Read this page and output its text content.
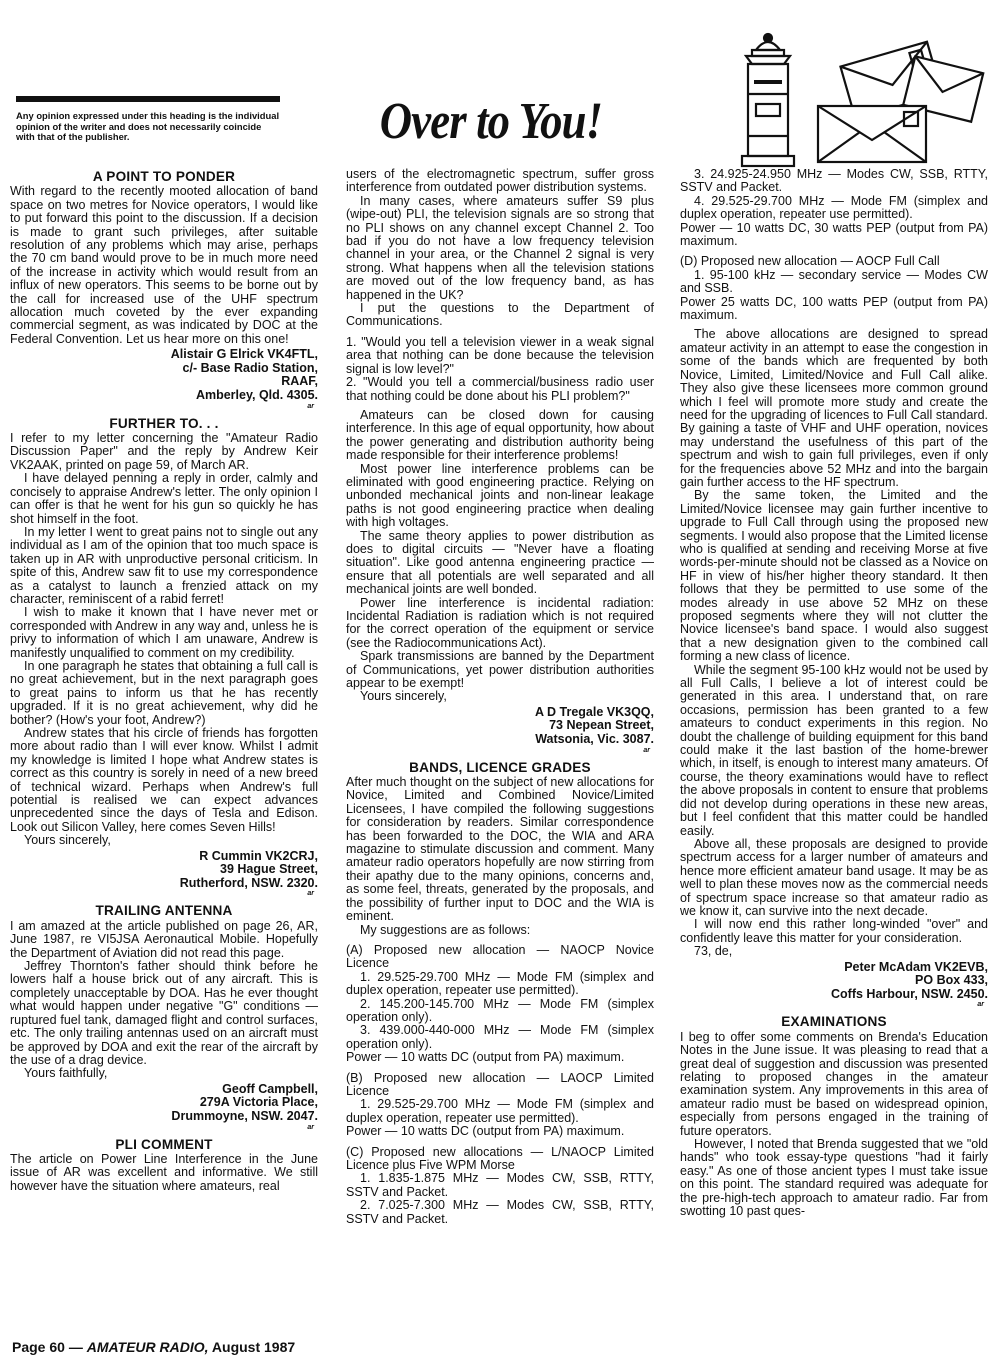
Any opinion expressed under this heading is the individual opinion of the writer and does not necessarily coincide with that of the publisher.	Over to You!
A POINT TO PONDER

With regard to the recently mooted allocation of band space on two metres for Novice operators, I would like to put forward this point to the discussion. If a decision is made to grant such privileges, after suitable resolution of any problems which may arise, perhaps the 70 cm band would prove to be in much more need of the increase in activity which would result from an influx of new operators. This seems to be borne out by the call for increased use of the UHF spectrum allocation much coveted by the ever expanding commercial segment, as was indicated by DOC at the Federal Convention. Let us hear more on this one!

Alistair G Elrick VK4FTL,
c/- Base Radio Station,
RAAF,
Amberley, Qld. 4305.
ar
FURTHER TO. . .

I refer to my letter concerning the "Amateur Radio Discussion Paper" and the reply by Andrew Keir VK2AAK, printed on page 59, of March AR.

I have delayed penning a reply in order, calmly and concisely to appraise Andrew's letter. The only opinion I can offer is that he went for his gun so quickly he has shot himself in the foot.

In my letter I went to great pains not to single out any individual as I am of the opinion that too much space is taken up in AR with unproductive personal criticism. In spite of this, Andrew saw fit to use my correspondence as a catalyst to launch a frenzied attack on my character, reminiscent of a rabid ferret!

I wish to make it known that I have never met or corresponded with Andrew in any way and, unless he is privy to information of which I am unaware, Andrew is manifestly unqualified to comment on my credibility.

In one paragraph he states that obtaining a full call is no great achievement, but in the next paragraph goes to great pains to inform us that he has recently upgraded. If it is no great achievement, why did he bother? (How's your foot, Andrew?)

Andrew states that his circle of friends has forgotten more about radio than I will ever know. Whilst I admit my knowledge is limited I hope what Andrew states is correct as this country is sorely in need of a new breed of technical wizard. Perhaps when Andrew's full potential is realised we can expect advances unprecedented since the days of Tesla and Edison. Look out Silicon Valley, here comes Seven Hills!

Yours sincerely,

R Cummin VK2CRJ,
39 Hague Street,
Rutherford, NSW. 2320.
ar
TRAILING ANTENNA

I am amazed at the article published on page 26, AR, June 1987, re VI5JSA Aeronautical Mobile. Hopefully the Department of Aviation did not read this page.

Jeffrey Thornton's father should think before he lowers half a house brick out of any aircraft. This is completely unacceptable by DOA. Has he ever thought what would happen under negative "G" conditions — ruptured fuel tank, damaged flight and control surfaces, etc. The only trailing antennas used on an aircraft must be approved by DOA and exit the rear of the aircraft by the use of a drag device.

Yours faithfully,

Geoff Campbell,
279A Victoria Place,
Drummoyne, NSW. 2047.
ar
PLI COMMENT

The article on Power Line Interference in the June issue of AR was excellent and informative. We still however have the situation where amateurs, real

users of the electromagnetic spectrum, suffer gross interference from outdated power distribution systems.

In many cases, where amateurs suffer S9 plus (wipe-out) PLI, the television signals are so strong that no PLI shows on any channel except Channel 2. Too bad if you do not have a low frequency television channel in your area, or the Channel 2 signal is very strong. What happens when all the television stations are moved out of the low frequency band, as has happened in the UK?

I put the questions to the Department of Communications.

1. "Would you tell a television viewer in a weak signal area that nothing can be done because the television signal is low level?"

2. "Would you tell a commercial/business radio user that nothing could be done about his PLI problem?"

Amateurs can be closed down for causing interference. In this age of equal opportunity, how about the power generating and distribution authority being made responsible for their interference problems!

Most power line interference problems can be eliminated with good engineering practice. Relying on unbonded mechanical joints and non-linear leakage paths is not good engineering practice when dealing with high voltages.

The same theory applies to power distribution as does to digital circuits — "Never have a floating situation". Like good antenna engineering practice — ensure that all potentials are well separated and all mechanical joints are well bonded.

Power line interference is incidental radiation: Incidental Radiation is radiation which is not required for the correct operation of the equipment or service (see the Radiocommunications Act).

Spark transmissions are banned by the Department of Communications, yet power distribution authorities appear to be exempt!

Yours sincerely,

A D Tregale VK3QQ,
73 Nepean Street,
Watsonia, Vic. 3087.
ar
BANDS, LICENCE GRADES

After much thought on the subject of new allocations for Novice, Limited and Combined Novice/Limited Licensees, I have compiled the following suggestions for consideration by readers. Similar correspondence has been forwarded to the DOC, the WIA and ARA magazine to stimulate discussion and comment. Many amateur radio operators hopefully are now stirring from their apathy due to the many opinions, concerns and, as some feel, threats, generated by the proposals, and the possibility of further input to DOC and the WIA is eminent.

My suggestions are as follows:

(A) Proposed new allocation — NAOCP Novice Licence

1. 29.525-29.700 MHz — Mode FM (simplex and duplex operation, repeater use permitted).

2. 145.200-145.700 MHz — Mode FM (simplex operation only).

3. 439.000-440-000 MHz — Mode FM (simplex operation only).

Power — 10 watts DC (output from PA) maximum.

(B) Proposed new allocation — LAOCP Limited Licence

1. 29.525-29.700 MHz — Mode FM (simplex and duplex operation, repeater use permitted).

Power — 10 watts DC (output from PA) maximum.

(C) Proposed new allocations — L/NAOCP Limited Licence plus Five WPM Morse

1. 1.835-1.875 MHz — Modes CW, SSB, RTTY, SSTV and Packet.

2. 7.025-7.300 MHz — Modes CW, SSB, RTTY, SSTV and Packet.

3. 24.925-24.950 MHz — Modes CW, SSB, RTTY, SSTV and Packet.

4. 29.525-29.700 MHz — Mode FM (simplex and duplex operation, repeater use permitted).

Power — 10 watts DC, 30 watts PEP (output from PA) maximum.

(D) Proposed new allocation — AOCP Full Call

1. 95-100 kHz — secondary service — Modes CW and SSB.

Power 25 watts DC, 100 watts PEP (output from PA) maximum.

The above allocations are designed to spread amateur activity in an attempt to ease the congestion in some of the bands which are frequented by both Novice, Limited, Limited/Novice and Full Call alike. They also give these licensees more common ground which I feel will promote more study and create the need for the upgrading of licences to Full Call standard. By gaining a taste of VHF and UHF operation, novices may understand the usefulness of this part of the spectrum and wish to gain full privileges, even if only for the frequencies above 52 MHz and into the bargain gain further access to the HF spectrum.

By the same token, the Limited and the Limited/Novice licensee may gain further incentive to upgrade to Full Call through using the proposed new segments. I would also propose that the Limited license who is qualified at sending and receiving Morse at five words-per-minute should not be classed as a Novice on HF in view of his/her higher theory standard. It then follows that they be permitted to use some of the modes already in use above 52 MHz on these proposed segments where they will not clutter the Novice licensee's band space. I would also suggest that a new designation given to the combined call forming a new class of licence.

While the segment 95-100 kHz would not be used by all Full Calls, I believe a lot of interest could be generated in this area. I understand that, on rare occasions, permission has been granted to a few amateurs to conduct experiments in this region. No doubt the challenge of building equipment for this band could make it the last bastion of the home-brewer which, in itself, is enough to interest many amateurs. Of course, the theory examinations would have to reflect the above proposals in content to ensure that problems did not develop during operations in these new areas, but I feel confident that this matter could be handled easily.

Above all, these proposals are designed to provide spectrum access for a larger number of amateurs and hence more efficient amateur band usage. It may be as well to plan these moves now as the commercial needs of spectrum space increase so that amateur radio as we know it, can survive into the next decade.

I will now end this rather long-winded "over" and confidently leave this matter for your consideration.

73, de,

Peter McAdam VK2EVB,
PO Box 433,
Coffs Harbour, NSW. 2450.
ar
EXAMINATIONS

I beg to offer some comments on Brenda's Education Notes in the June issue. It was pleasing to read that a great deal of suggestion and discussion was presented relating to proposed changes in the amateur examination system. Any improvements in this area of amateur radio must be based on widespread opinion, especially from persons engaged in the training of future operators.

However, I noted that Brenda suggested that we "old hands" who took essay-type questions "had it fairly easy." As one of those ancient types I must take issue on this point. The standard required was adequate for the pre-high-tech approach to amateur radio. Far from swotting 10 past ques-

Page 60 — AMATEUR RADIO, August 1987
